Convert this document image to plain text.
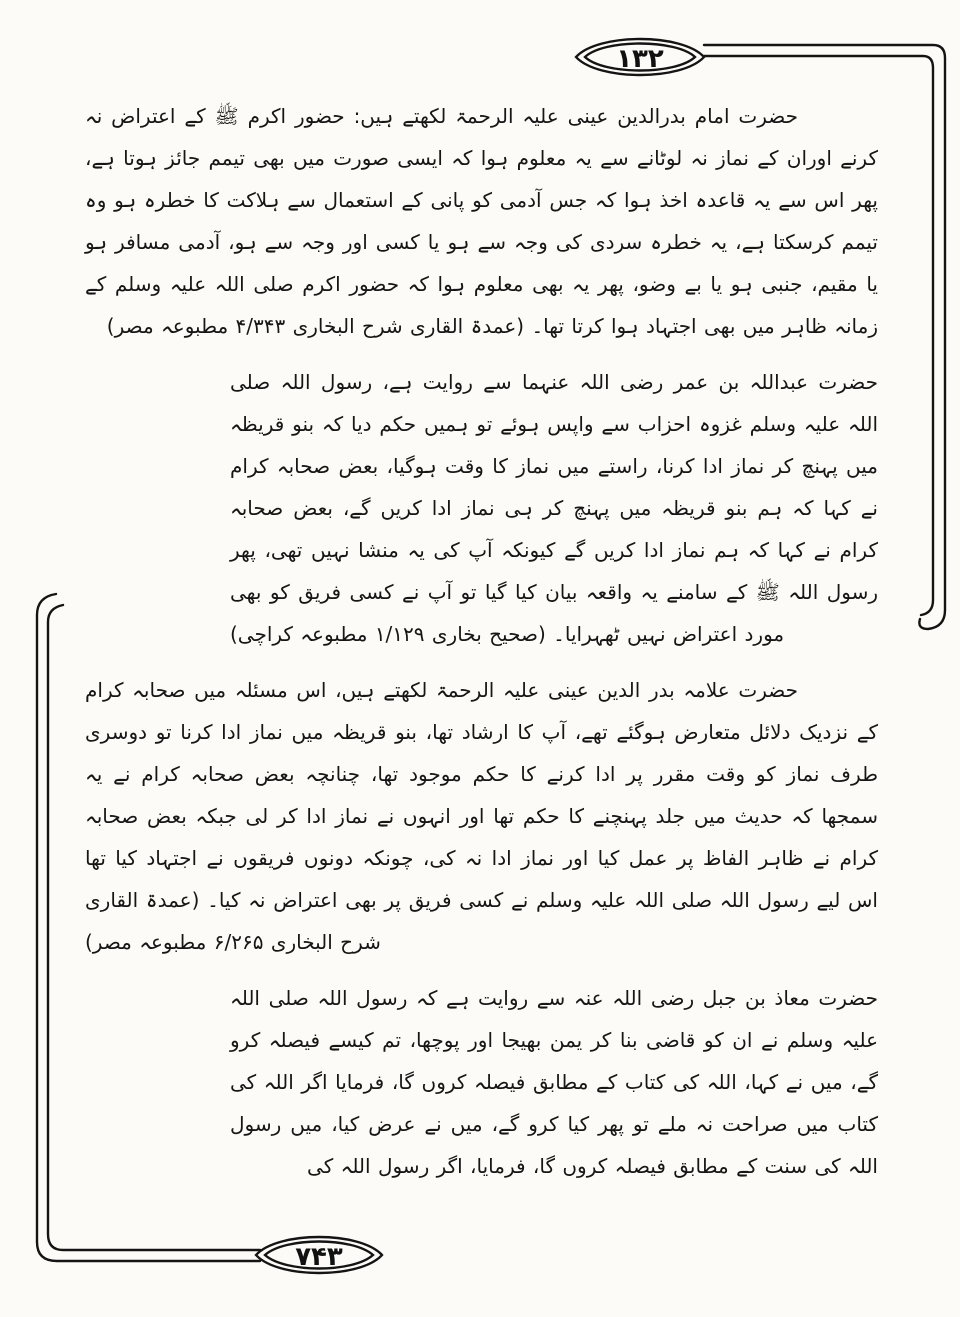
۱۳۲
۷۴۳
حضرت امام بدرالدین عینی علیہ الرحمۃ لکھتے ہیں: حضور اکرم ﷺ کے اعتراض نہ کرنے اوران کے نماز نہ لوٹانے سے یہ معلوم ہوا کہ ایسی صورت میں بھی تیمم جائز ہوتا ہے، پھر اس سے یہ قاعدہ اخذ ہوا کہ جس آدمی کو پانی کے استعمال سے ہلاکت کا خطرہ ہو وہ تیمم کرسکتا ہے، یہ خطرہ سردی کی وجہ سے ہو یا کسی اور وجہ سے ہو، آدمی مسافر ہو یا مقیم، جنبی ہو یا بے وضو، پھر یہ بھی معلوم ہوا کہ حضور اکرم صلی اللہ علیہ وسلم کے زمانہ ظاہر میں بھی اجتہاد ہوا کرتا تھا۔ (عمدۃ القاری شرح البخاری ۴/۳۴۳ مطبوعہ مصر)
حضرت عبداللہ بن عمر رضی اللہ عنہما سے روایت ہے، رسول اللہ صلی اللہ علیہ وسلم غزوہ احزاب سے واپس ہوئے تو ہمیں حکم دیا کہ بنو قریظہ میں پہنچ کر نماز ادا کرنا، راستے میں نماز کا وقت ہوگیا، بعض صحابہ کرام نے کہا کہ ہم بنو قریظہ میں پہنچ کر ہی نماز ادا کریں گے، بعض صحابہ کرام نے کہا کہ ہم نماز ادا کریں گے کیونکہ آپ کی یہ منشا نہیں تھی، پھر رسول اللہ ﷺ کے سامنے یہ واقعہ بیان کیا گیا تو آپ نے کسی فریق کو بھی مورد اعتراض نہیں ٹھہرایا۔ (صحیح بخاری ۱/۱۲۹ مطبوعہ کراچی)
حضرت علامہ بدر الدین عینی علیہ الرحمۃ لکھتے ہیں، اس مسئلہ میں صحابہ کرام کے نزدیک دلائل متعارض ہوگئے تھے، آپ کا ارشاد تھا، بنو قریظہ میں نماز ادا کرنا تو دوسری طرف نماز کو وقت مقرر پر ادا کرنے کا حکم موجود تھا، چنانچہ بعض صحابہ کرام نے یہ سمجھا کہ حدیث میں جلد پہنچنے کا حکم تھا اور انہوں نے نماز ادا کر لی جبکہ بعض صحابہ کرام نے ظاہر الفاظ پر عمل کیا اور نماز ادا نہ کی، چونکہ دونوں فریقوں نے اجتہاد کیا تھا اس لیے رسول اللہ صلی اللہ علیہ وسلم نے کسی فریق پر بھی اعتراض نہ کیا۔ (عمدۃ القاری شرح البخاری ۶/۲۶۵ مطبوعہ مصر)
حضرت معاذ بن جبل رضی اللہ عنہ سے روایت ہے کہ رسول اللہ صلی اللہ علیہ وسلم نے ان کو قاضی بنا کر یمن بھیجا اور پوچھا، تم کیسے فیصلہ کرو گے، میں نے کہا، اللہ کی کتاب کے مطابق فیصلہ کروں گا، فرمایا اگر اللہ کی کتاب میں صراحت نہ ملے تو پھر کیا کرو گے، میں نے عرض کیا، میں رسول اللہ کی سنت کے مطابق فیصلہ کروں گا، فرمایا، اگر رسول اللہ کی
